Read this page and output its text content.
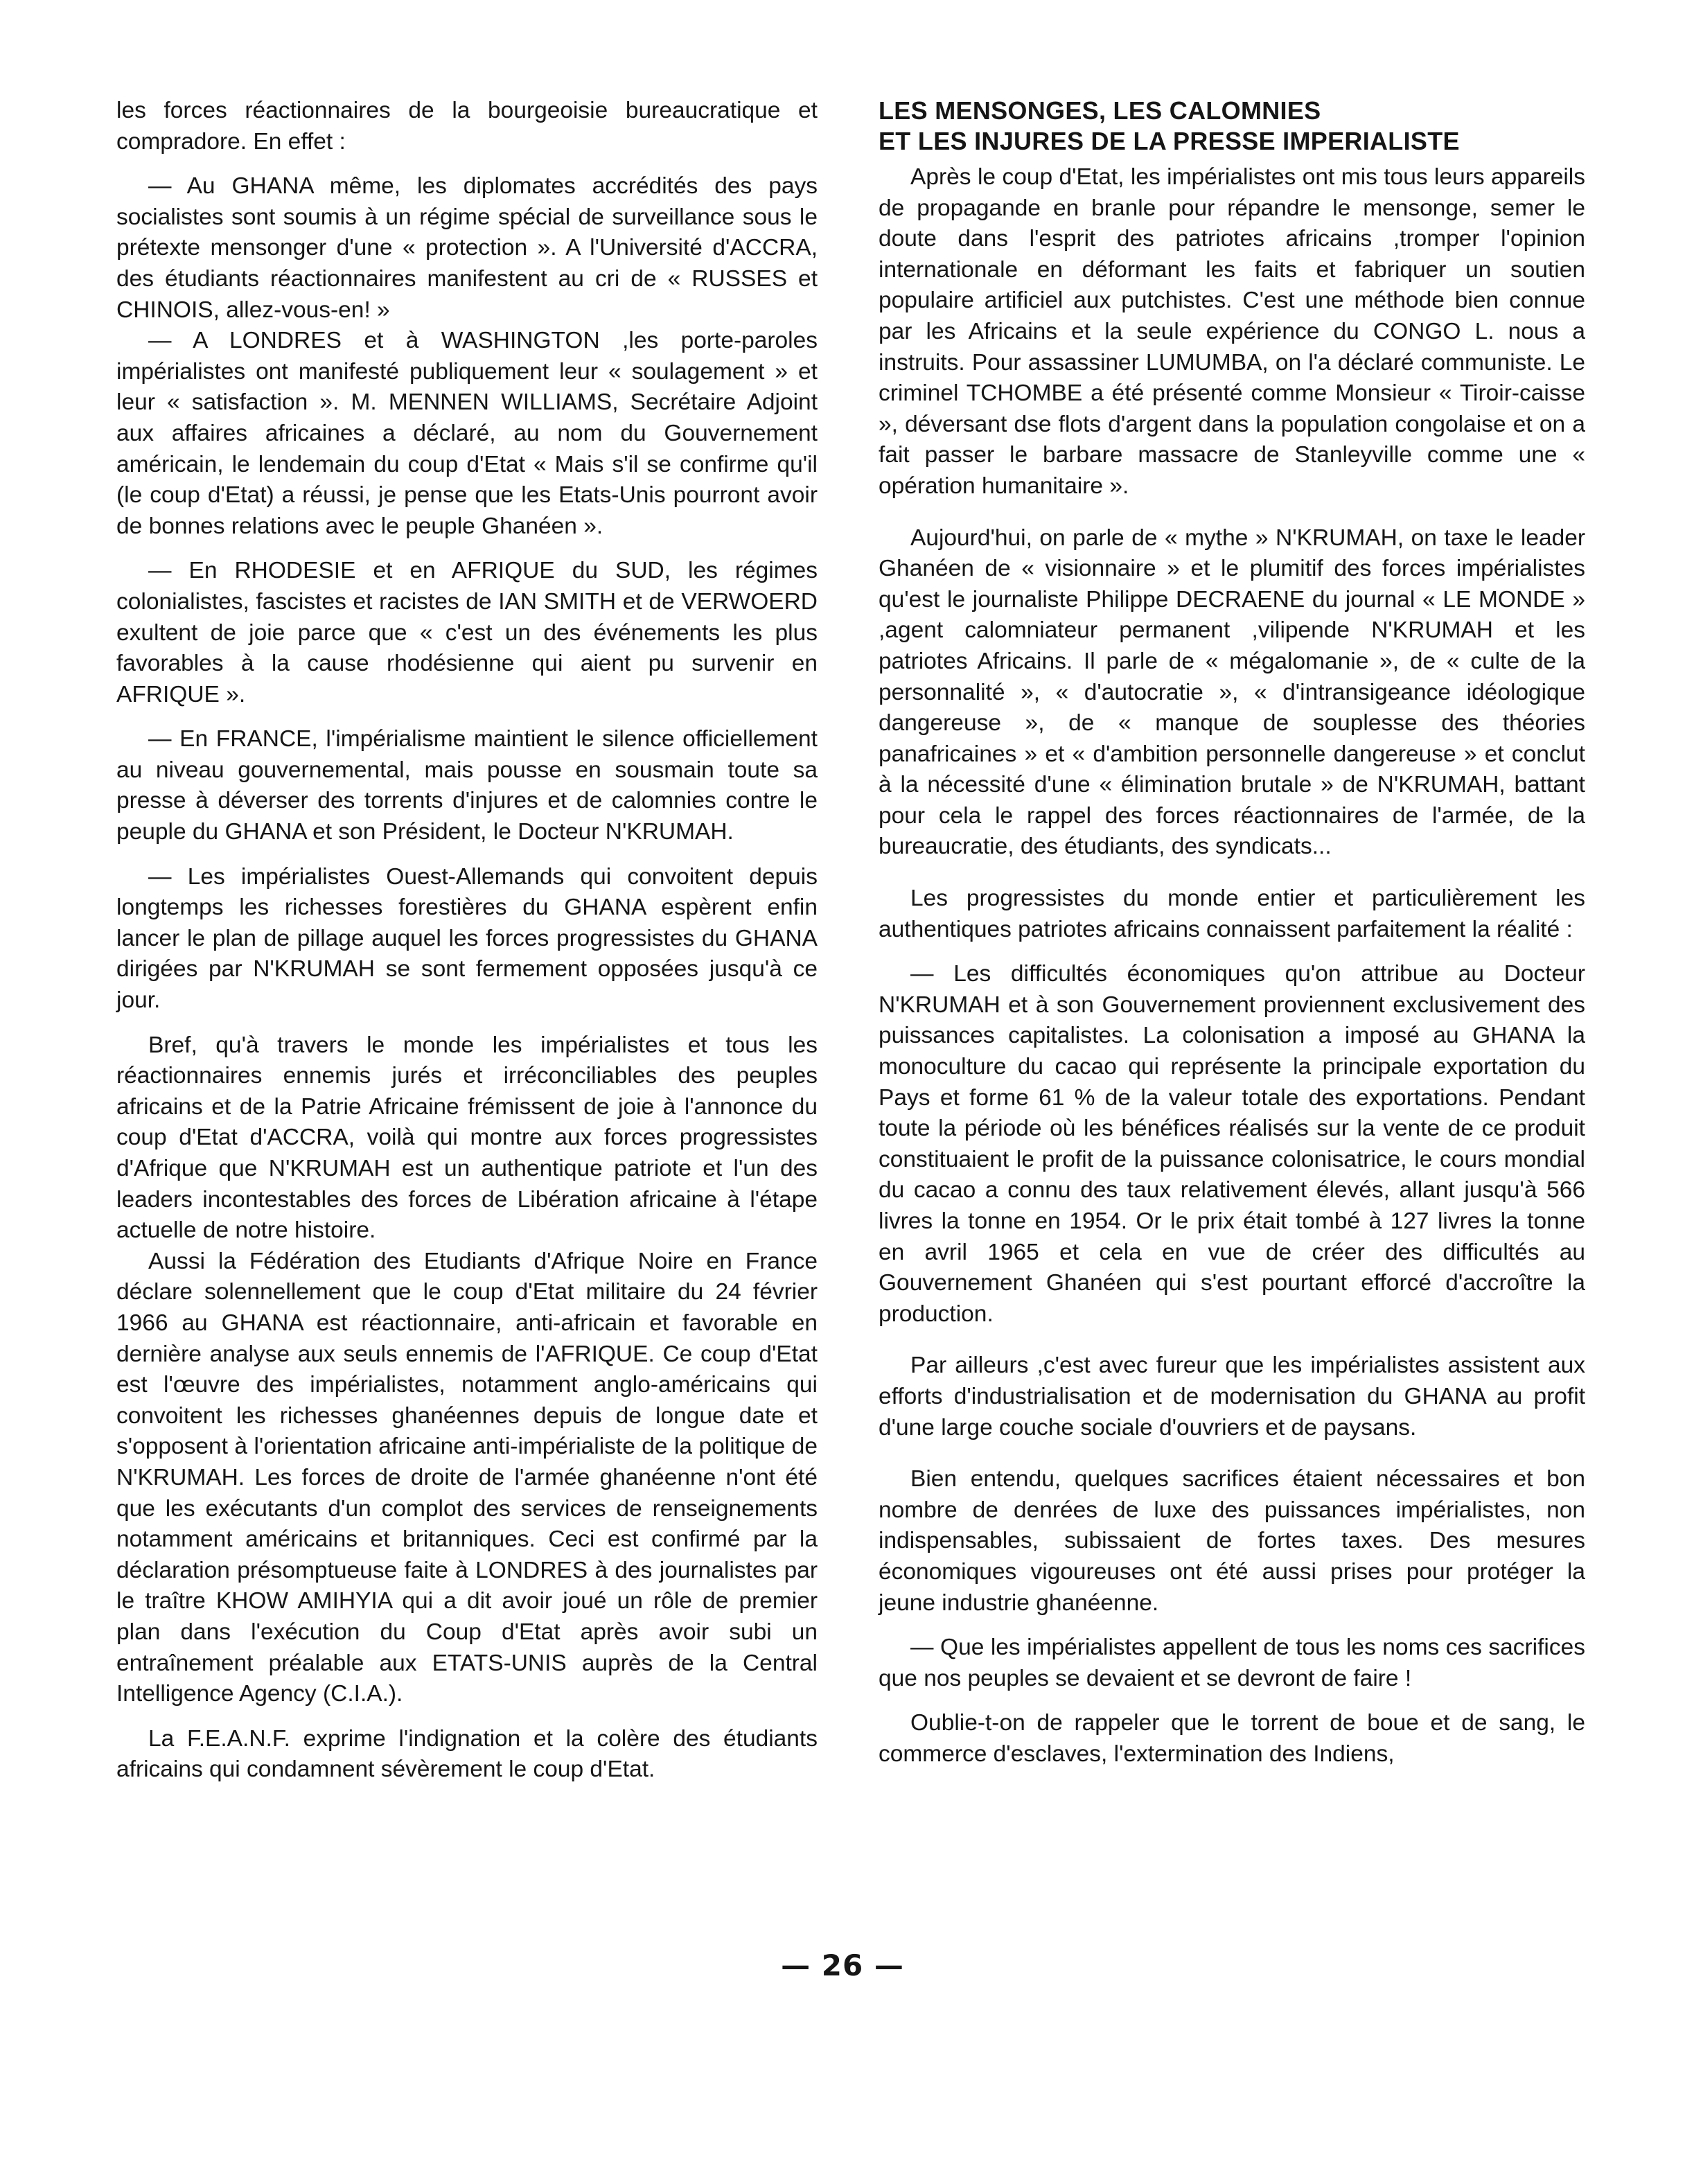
les forces réactionnaires de la bourgeoisie bureaucratique et compradore. En effet :

— Au GHANA même, les diplomates accrédités des pays socialistes sont soumis à un régime spécial de surveillance sous le prétexte mensonger d'une « protection ». A l'Université d'ACCRA, des étudiants réactionnaires manifestent au cri de « RUSSES et CHINOIS, allez-vous-en! »

— A LONDRES et à WASHINGTON ,les porte-paroles impérialistes ont manifesté publiquement leur « soulagement » et leur « satisfaction ». M. MENNEN WILLIAMS, Secrétaire Adjoint aux affaires africaines a déclaré, au nom du Gouvernement américain, le lendemain du coup d'Etat « Mais s'il se confirme qu'il (le coup d'Etat) a réussi, je pense que les Etats-Unis pourront avoir de bonnes relations avec le peuple Ghanéen ».

— En RHODESIE et en AFRIQUE du SUD, les régimes colonialistes, fascistes et racistes de IAN SMITH et de VERWOERD exultent de joie parce que « c'est un des événements les plus favorables à la cause rhodésienne qui aient pu survenir en AFRIQUE ».

— En FRANCE, l'impérialisme maintient le silence officiellement au niveau gouvernemental, mais pousse en sousmain toute sa presse à déverser des torrents d'injures et de calomnies contre le peuple du GHANA et son Président, le Docteur N'KRUMAH.

— Les impérialistes Ouest-Allemands qui convoitent depuis longtemps les richesses forestières du GHANA espèrent enfin lancer le plan de pillage auquel les forces progressistes du GHANA dirigées par N'KRUMAH se sont fermement opposées jusqu'à ce jour.

Bref, qu'à travers le monde les impérialistes et tous les réactionnaires ennemis jurés et irréconciliables des peuples africains et de la Patrie Africaine frémissent de joie à l'annonce du coup d'Etat d'ACCRA, voilà qui montre aux forces progressistes d'Afrique que N'KRUMAH est un authentique patriote et l'un des leaders incontestables des forces de Libération africaine à l'étape actuelle de notre histoire.

Aussi la Fédération des Etudiants d'Afrique Noire en France déclare solennellement que le coup d'Etat militaire du 24 février 1966 au GHANA est réactionnaire, anti-africain et favorable en dernière analyse aux seuls ennemis de l'AFRIQUE. Ce coup d'Etat est l'œuvre des impérialistes, notamment anglo-américains qui convoitent les richesses ghanéennes depuis de longue date et s'opposent à l'orientation africaine anti-impérialiste de la politique de N'KRUMAH. Les forces de droite de l'armée ghanéenne n'ont été que les exécutants d'un complot des services de renseignements notamment américains et britanniques. Ceci est confirmé par la déclaration présomptueuse faite à LONDRES à des journalistes par le traître KHOW AMIHYIA qui a dit avoir joué un rôle de premier plan dans l'exécution du Coup d'Etat après avoir subi un entraînement préalable aux ETATS-UNIS auprès de la Central Intelligence Agency (C.I.A.).

La F.E.A.N.F. exprime l'indignation et la colère des étudiants africains qui condamnent sévèrement le coup d'Etat.

LES MENSONGES, LES CALOMNIES
ET LES INJURES DE LA PRESSE IMPERIALISTE

Après le coup d'Etat, les impérialistes ont mis tous leurs appareils de propagande en branle pour répandre le mensonge, semer le doute dans l'esprit des patriotes africains ,tromper l'opinion internationale en déformant les faits et fabriquer un soutien populaire artificiel aux putchistes. C'est une méthode bien connue par les Africains et la seule expérience du CONGO L. nous a instruits. Pour assassiner LUMUMBA, on l'a déclaré communiste. Le criminel TCHOMBE a été présenté comme Monsieur « Tiroir-caisse », déversant dse flots d'argent dans la population congolaise et on a fait passer le barbare massacre de Stanleyville comme une « opération humanitaire ».

Aujourd'hui, on parle de « mythe » N'KRUMAH, on taxe le leader Ghanéen de « visionnaire » et le plumitif des forces impérialistes qu'est le journaliste Philippe DECRAENE du journal « LE MONDE » ,agent calomniateur permanent ,vilipende N'KRUMAH et les patriotes Africains. Il parle de « mégalomanie », de « culte de la personnalité », « d'autocratie », « d'intransigeance idéologique dangereuse », de « manque de souplesse des théories panafricaines » et « d'ambition personnelle dangereuse » et conclut à la nécessité d'une « élimination brutale » de N'KRUMAH, battant pour cela le rappel des forces réactionnaires de l'armée, de la bureaucratie, des étudiants, des syndicats...

Les progressistes du monde entier et particulièrement les authentiques patriotes africains connaissent parfaitement la réalité :

— Les difficultés économiques qu'on attribue au Docteur N'KRUMAH et à son Gouvernement proviennent exclusivement des puissances capitalistes. La colonisation a imposé au GHANA la monoculture du cacao qui représente la principale exportation du Pays et forme 61 % de la valeur totale des exportations. Pendant toute la période où les bénéfices réalisés sur la vente de ce produit constituaient le profit de la puissance colonisatrice, le cours mondial du cacao a connu des taux relativement élevés, allant jusqu'à 566 livres la tonne en 1954. Or le prix était tombé à 127 livres la tonne en avril 1965 et cela en vue de créer des difficultés au Gouvernement Ghanéen qui s'est pourtant efforcé d'accroître la production.

Par ailleurs ,c'est avec fureur que les impérialistes assistent aux efforts d'industrialisation et de modernisation du GHANA au profit d'une large couche sociale d'ouvriers et de paysans.

Bien entendu, quelques sacrifices étaient nécessaires et bon nombre de denrées de luxe des puissances impérialistes, non indispensables, subissaient de fortes taxes. Des mesures économiques vigoureuses ont été aussi prises pour protéger la jeune industrie ghanéenne.

— Que les impérialistes appellent de tous les noms ces sacrifices que nos peuples se devaient et se devront de faire !

Oublie-t-on de rappeler que le torrent de boue et de sang, le commerce d'esclaves, l'extermination des Indiens,

— 26 —
